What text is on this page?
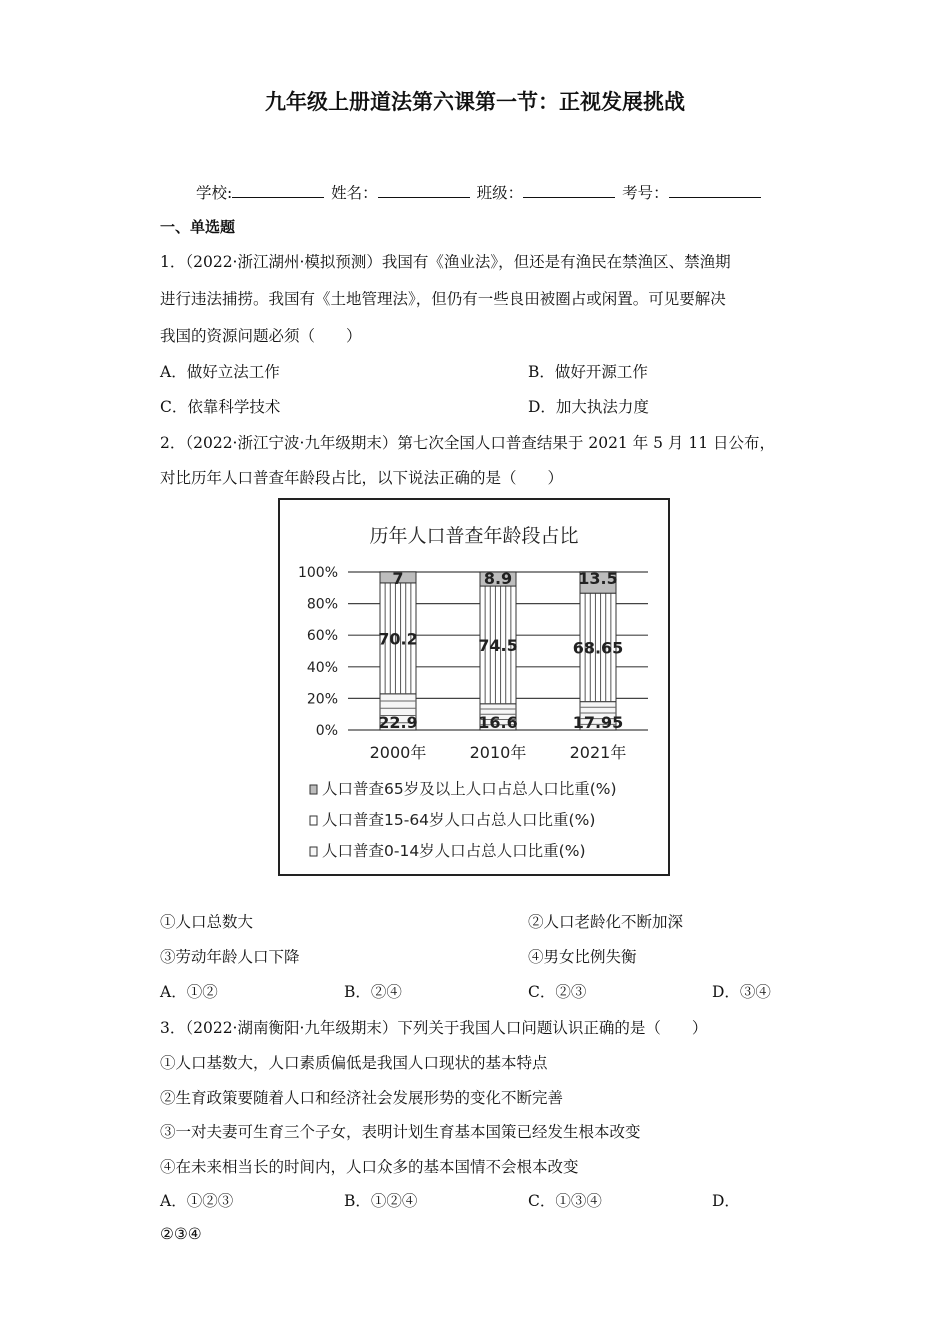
九年级上册道法第六课第一节：正视发展挑战
学校:	姓名：	班级：	考号：
一、单选题
1．（2022·浙江湖州·模拟预测）我国有《渔业法》，但还是有渔民在禁渔区、禁渔期
进行违法捕捞。我国有《土地管理法》，但仍有一些良田被圈占或闲置。可见要解决
我国的资源问题必须（　　）
A．做好立法工作	B．做好开源工作
C．依靠科学技术	D．加大执法力度
2．（2022·浙江宁波·九年级期末）第七次全国人口普查结果于 2021 年 5 月 11 日公布，
对比历年人口普查年龄段占比，以下说法正确的是（　　）
历年人口普查年龄段占比
0%
20%
40%
60%
80%
100%
22.9
70.2
7
16.6
74.5
8.9
17.95
68.65
13.5
2000年	2010年	2021年
人口普查65岁及以上人口占总人口比重(%)
人口普查15-64岁人口占总人口比重(%)
人口普查0-14岁人口占总人口比重(%)
①人口总数大	②人口老龄化不断加深
③劳动年龄人口下降	④男女比例失衡
A．①②	B．②④	C．②③	D．③④
3．（2022·湖南衡阳·九年级期末）下列关于我国人口问题认识正确的是（　　）
①人口基数大，人口素质偏低是我国人口现状的基本特点
②生育政策要随着人口和经济社会发展形势的变化不断完善
③一对夫妻可生育三个子女，表明计划生育基本国策已经发生根本改变
④在未来相当长的时间内，人口众多的基本国情不会根本改变
A．①②③	B．①②④	C．①③④	D．
②③④
